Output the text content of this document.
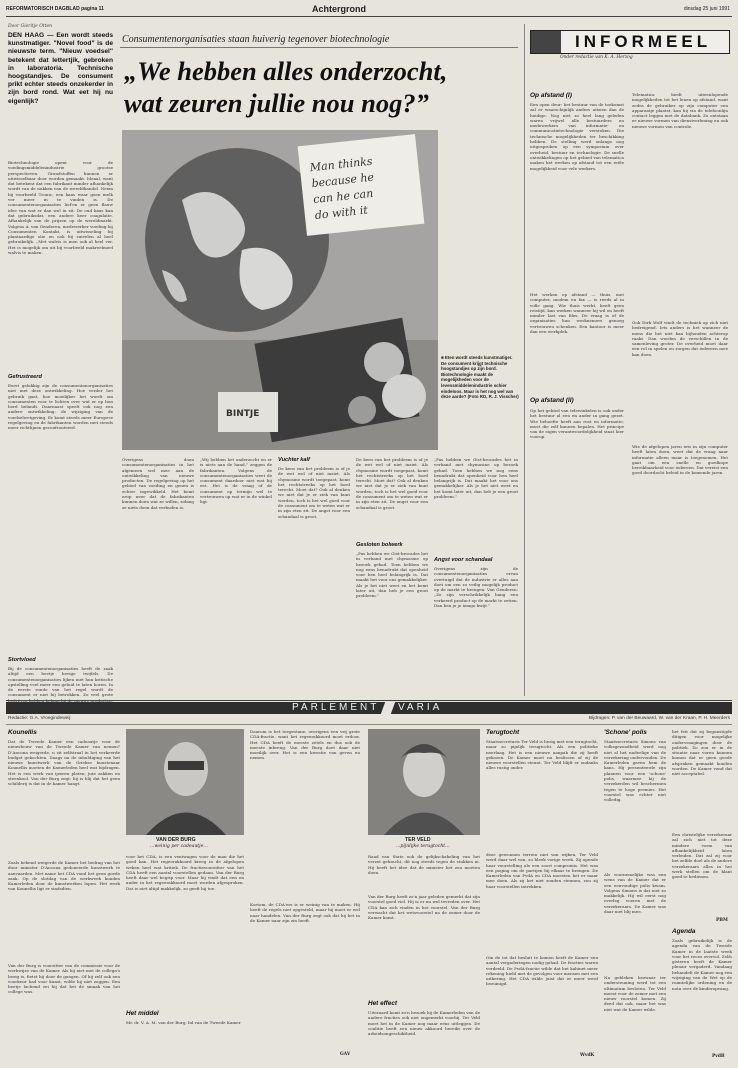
REFORMATORISCH DAGBLAD pagina 11	Achtergrond	dinsdag 25 juni 1991
Door Gieritje Otten
DEN HAAG — Een wordt steeds kunstmatiger. "Novel food" is de nieuwste term. "Nieuw voedsel" betekent dat lettertjik, gebroken in laboratoria. Technische hoogstandjes. De consument prikt echter steeds onzekerder in zijn bord rond. Wat eet hij nu eigenlijk?
Biotechnologie opent voor de voedingsmiddelenindustrie grootse perspectieven. Grondstoffen kunnen er uitwisselbaar door worden gemaakt. Ideaal, want dat betekent dat een fabrikant minder afhankelijk wordt van de nukken van de wereldhandel. Neem bij voorbeeld Tronic, een kaas waar geen melk ver meer in te vinden is. De consumentenorganisaties lief'en er geen flauw idee van wat er dan wel in zit. De oud kaas kan dat gebruiksdat, een andere keer coagulatie. Afhankelijk van de prijzen op de wereldmarkt. Volgens A. van Genderen, medewerker voeding bij Consumenten Kontakt, is uitwisseling bij plantaardige olie en ook bij zuivelen al heel gebruikelijk. „Met walvis is men ook al heel ver. Het is mogelijk om uit bij voorbeeld makreelmeel walvis te maken.
Gefrustreerd
Eerst gelukkig zijn de consumentenorganisaties niet met deze ontwikkeling. Hoe verder het gebruik gaat, hoe moeilijker het wordt om consumenten voor te lichten over wat er op hun bord belandt. Daarnaast speelt ook nog een andere ontwikkeling: de wijziging van de voedselwetgeving. Er komt steeds meer Europese regelgeving en de fabrikanten worden met steeds meer richtlijnen geconfronteerd.
Stortvloed
Bij de consumentenorganisaties heeft de zaak altijd een beetje hevige twijfels. De consumentenorganisaties lijken met hun kritische opstelling veel meer een geluid te laten horen. In de eerste ronde van het regel wordt de consument er niet bij betrokken. Zo veel grote
Consumentenorganisaties staan huiverig tegenover biotechnologie
„We hebben alles onderzocht,
wat zeuren jullie nou nog?”
Man thinks
because he
can he can
do with it
BINTJE
■ Eten wordt steeds kunstmatiger. De consument krijgt technische hoogstandjes op zijn bord. Biotechnologie maakt de mogelijkheden voor de levensmiddelenindustrie schier eindeloos. Maar is het nog wel van deze aarde? (Foto RD, R. J. Visscher)
Overigens doen consumentenorganisaties in het algemeen wel mee aan de ontwikkeling van nieuwe producten. De regelgeving op het gebied van voeding en genen is echter ingewikkeld. Het komt erop neer dat de fabrikanten kunnen doen wat ze willen, zolang ze niets doen dat verboden is.
„Wij hebben het onderzocht en er is niets aan de hand,” zeggen de fabrikanten. Volgens de consumentenorganisaties weet de consument daardoor niet wat hij eet. Het is de vraag of de consument op termijn wel te vertrouwen op wat er in de winkel ligt.
Vuchter kalf
De kern van het probleem is of je de wet wel of niet inziet. Als chymosine wordt toegepast, komt het rechtstreeks op het bord terecht. Moet dat? Ook al denken we niet dat je er ziek van kunt worden, toch is het wel goed voor de consument om te weten wat er in zijn eten zit. De angst voor een schandaal is groot.
De kern van het probleem is of je de wet wel of niet inziet. Als chymosine wordt toegepast, komt het rechtstreeks op het bord terecht. Moet dat? Ook al denken we niet dat je er ziek van kunt worden, toch is het wel goed voor de consument om te weten wat er in zijn eten zit. De angst voor een schandaal is groot.
Gesloten bolwerk
„Pas hebben we Gist-brocades het in verband met chymosine op bezoek gehad. Toen hebben we nog eens benadrukt dat openheid voor hen heel belangrijk is. Dat maakt het voor ons gemakkelijker. Als je het niet weet en het komt later uit, dan heb je een groot probleem.”
„Pas hebben we Gist-brocades het in verband met chymosine op bezoek gehad. Toen hebben we nog eens benadrukt dat openheid voor hen heel belangrijk is. Dat maakt het voor ons gemakkelijker. Als je het niet weet en het komt later uit, dan heb je een groot probleem.”
Angst voor schandaal
Overigens zijn de consumentenorganisaties ervan overtuigd dat de industrie er alles aan doet om een zo veilig mogelijk product op de markt te brengen. Van Genderen: „Ze zijn verschrikkelijk bang een verkeerd product op de markt te zetten. Dan ben je je imago kwijt.”
INFORMEEL
Onder redactie van K. A. Herzog
Op afstand (I)
Een open deur: het bestuur van de toekomst zal er waarschijnlijk anders uitzien dan de huidige. Nog niet zo heel lang geleden waren vrijwel alle bestuurders en medewerkers van informatie- en communicatietechnologie verstoken. Die technische mogelijkheden ter beschikking hebben. De stelling werd onlangs nog uitgesproken op een symposium over overheid, bestuur en technologie. De snelle ontwikkelingen op het gebied van telematica maken het werken op afstand tot een reële mogelijkheid voor vele werkers.
Het werken op afstand — thuis, met computer, modem en fax — is reeds al in volle gang. Wie thuis werkt, heeft geen reistijd, kan werken wanneer hij wil en heeft minder last van files. De vraag is of de organisaties hun werknemers genoeg vertrouwen schenken. Een kantoor is meer dan een werkplek.
Op afstand (II)
Op het gebied van telewinkelen is ook onder het bestuur al een en ander in gang gezet. Wie behoefte heeft aan rust en informatie, moet die zelf kunnen bepalen. Het principe van de eigen verantwoordelijkheid staat hier voorop.
Telematica biedt uiteenlopende mogelijkheden tot het lenen op afstand, want zodra de gebruiker op zijn computer een apparaatje plaatst, kan hij via de telefoonlijn contact leggen met de databank. Zo ontstaan er nieuwe vormen van dienstverlening en ook nieuwe vormen van controle.
Ook Dirk Wolf vindt de techniek op zich niet bedreigend. Iets anders is het wanneer de mens die het niet kan bijhouden achterop raakt. Dan worden de verschillen in de samenleving groter. De overheid moet daar een rol in spelen en zorgen dat iedereen mee kan doen.
Wie de afgelopen jaren iets in zijn computer heeft laten doen, weet dat de vraag naar informatie alleen maar is toegenomen. Het gaat om een snelle en goedkope bereikbaarheid voor iedereen. Dat vereist een goed doordacht beleid in de komende jaren.
PARLEMENT VARIA
Redactie: G.A. Vroegindeweij	Bijdragen: P. van der Beuwaard, W. van der Kraan, P. H. Meerders
Kounellis
Dat de Tweede Kamer een cadeautje voor de nieuwbouw van de Tweede Kamer van nemen? D'Ancona weigerde, u zit zelfstraal in het verkeerde budget gekochten. Daags na de inhuldiging van het nieuwe kunstwerk van de Griekse kunstenaar Kounellis moeten de Kamerleden heel wat bijdragen. Het is een werk van ijzeren platen, jute zakken en steenkool. Van der Burg zegt: hij is blij dat het geen schilderij is dat in de kamer hangt.
Zoals bekend weigerde de Kamer het bedrag van het door minister D'Ancona gedoneerde kunstwerk te aanvaarden. Met name het CDA vond het geen goede zaak. Op de slotdag van de werkweek konden Kamerleden door de kunstwerken lopen. Het werk van Kounellis ligt er sindsdien.
Van der Burg is voorzitter van de commissie voor de werkwijze van de Kamer. Als hij niet met de collega's bezig is, fietst hij door de gangen. Of hij zelf ook een voorkeur had voor kunst, wilde hij niet zeggen. Een beetje lachend zei hij dat het de smaak van het college was.
VAN DER BURG
...weinig per cadeautje...
voor het CDA, is een ventwagen voor de man die het goed kan. Het regeerakkoord kreeg in de afgelopen weken heel wat kritiek. De fractievoorzitter van het CDA heeft een aantal voorstellen gedaan. Van der Burg heeft daar wel begrip voor. Maar hij vindt dat een en ander in het regeerakkoord moet worden afgesproken. Dat is niet altijd makkelijk, zo geeft hij toe.
Het middel
Mr. dr. V. A. M. van der Burg, lid van de Tweede Kamer
Daarom is het toegestane, overigens een vrij grote CDA-fractie, want het regeerakkoord moet erdoor. Het CDA heeft de meeste zetels en dus ook de meeste inbreng. Van der Burg doet daar niet moeilijk over. Het is een kwestie van geven en nemen.
Kortom, de CDA'ers is er weinig van te maken. Hij heeft de regels niet opgesteld, maar hij moet er wel naar handelen. Van der Burg zegt ook dat hij het in de Kamer naar zijn zin heeft.
GAV
TER VELD
...pijnlijke terugtocht...
Raad van State ook de gelijkschakeling van het verzet gebracht, dit nog steeds tegen de stukken in. Hij heeft het idee dat de minister het zou moeten doen.
Van der Burg heeft zo'n jaar geleden gemerkt dat zijn voorstel goed viel. Hij is er nu wel tevreden over. Het CDA kan zich vinden in het voorstel. Van der Burg verwacht dat het wetsvoorstel na de zomer door de Kamer komt.
Het effect
Uiteraard komt zo'n bezoek bij de Kamerleden van de andere fracties ook niet ongemerkt voorbij. Ter Veld moet het in de Kamer nog maar eens uitleggen. De coalitie heeft een nieuw akkoord bereikt over de arbeidsongeschiktheid.
Terugtocht
Staatssecretaris Ter Veld is bezig met een terugtocht, maar zo pijnlijk terugtocht. Als een politieke neerlaag. Het is een nieuwe aanpak die zij heeft gekozen. De Kamer moet nu beslissen of zij de nieuwe voorstellen steunt. Ter Veld blijft er ondanks alles rustig onder.
deze gewonnen terrein niet van wijken, Ter Veld werd daar wel van, zo bleek vorige week. Zij opende haar voorstelling als een soort compromis. Het was een poging om de partijen bij elkaar te brengen. De Kamerleden van PvdA en CDA moesten het er maar mee doen. Als zij het niet zouden steunen, zou zij haar voorstellen intrekken.
Om de tot dat besluit te komen heeft de Kamer een aantal vergaderingen nodig gehad. De fracties waren verdeeld. De PvdA-fractie wilde dat het kabinet meer rekening hield met de gevolgen voor mensen met een uitkering. Het CDA wilde juist dat er meer werd bezuinigd.
WvdK
'Schone' polis
Staatssecretaris Simons van volksgezondheid werd nog niet al het nadeelige van de verzekering ondervonden. De Kamerleden gaven hem de kans. Hij presenteerde zijn plannen voor een 'schone' polis, waarmee hij de verzekerden wil beschermen tegen te hoge premies. Het voorstel was echter niet volledig.
Als voornemelijke was een wens van de Kamer dat er een eenvoudige polis kwam. Volgens Simons is dat niet zo makkelijk. Hij wil eerst nog overleg voeren met de verzekeraars. De Kamer was daar niet blij mee.
Na gebleken bezwaar ter ondersteuning werd tot een ultimatum besloten. Ter Veld moest voor de zomer met een nieuw voorstel komen. Zij deed dat ook, maar het was niet wat de Kamer wilde.
het feit dat zij begunstigde ditigen voor mogelijke ondervraagingen door de politiek. Zo zou er in de situatie naar voren kunnen komen dat er geen goede afspraken gemaakt konden worden. De Kamer vond dat niet acceptabel.
Een christelijke verzekeraar zal zich niet tot deze mindere vorm van afhankelijkheid laten verleiden. Dat zal zij voor het zelfde doel als de andere verzekeraars alles in het werk stellen om de klant goed te bedienen.
PBM
Agenda
Zoals gebruikelijk is de agenda van de Tweede Kamer in de laatste week voor het reces overvol. Zelfs gisteren heeft de Kamer plenair vergaderd. Vandaag behandelt de Kamer nog een wijziging van de Wet op de ruimtelijke ordening en de nota over de kinderopvang.
PvdB
